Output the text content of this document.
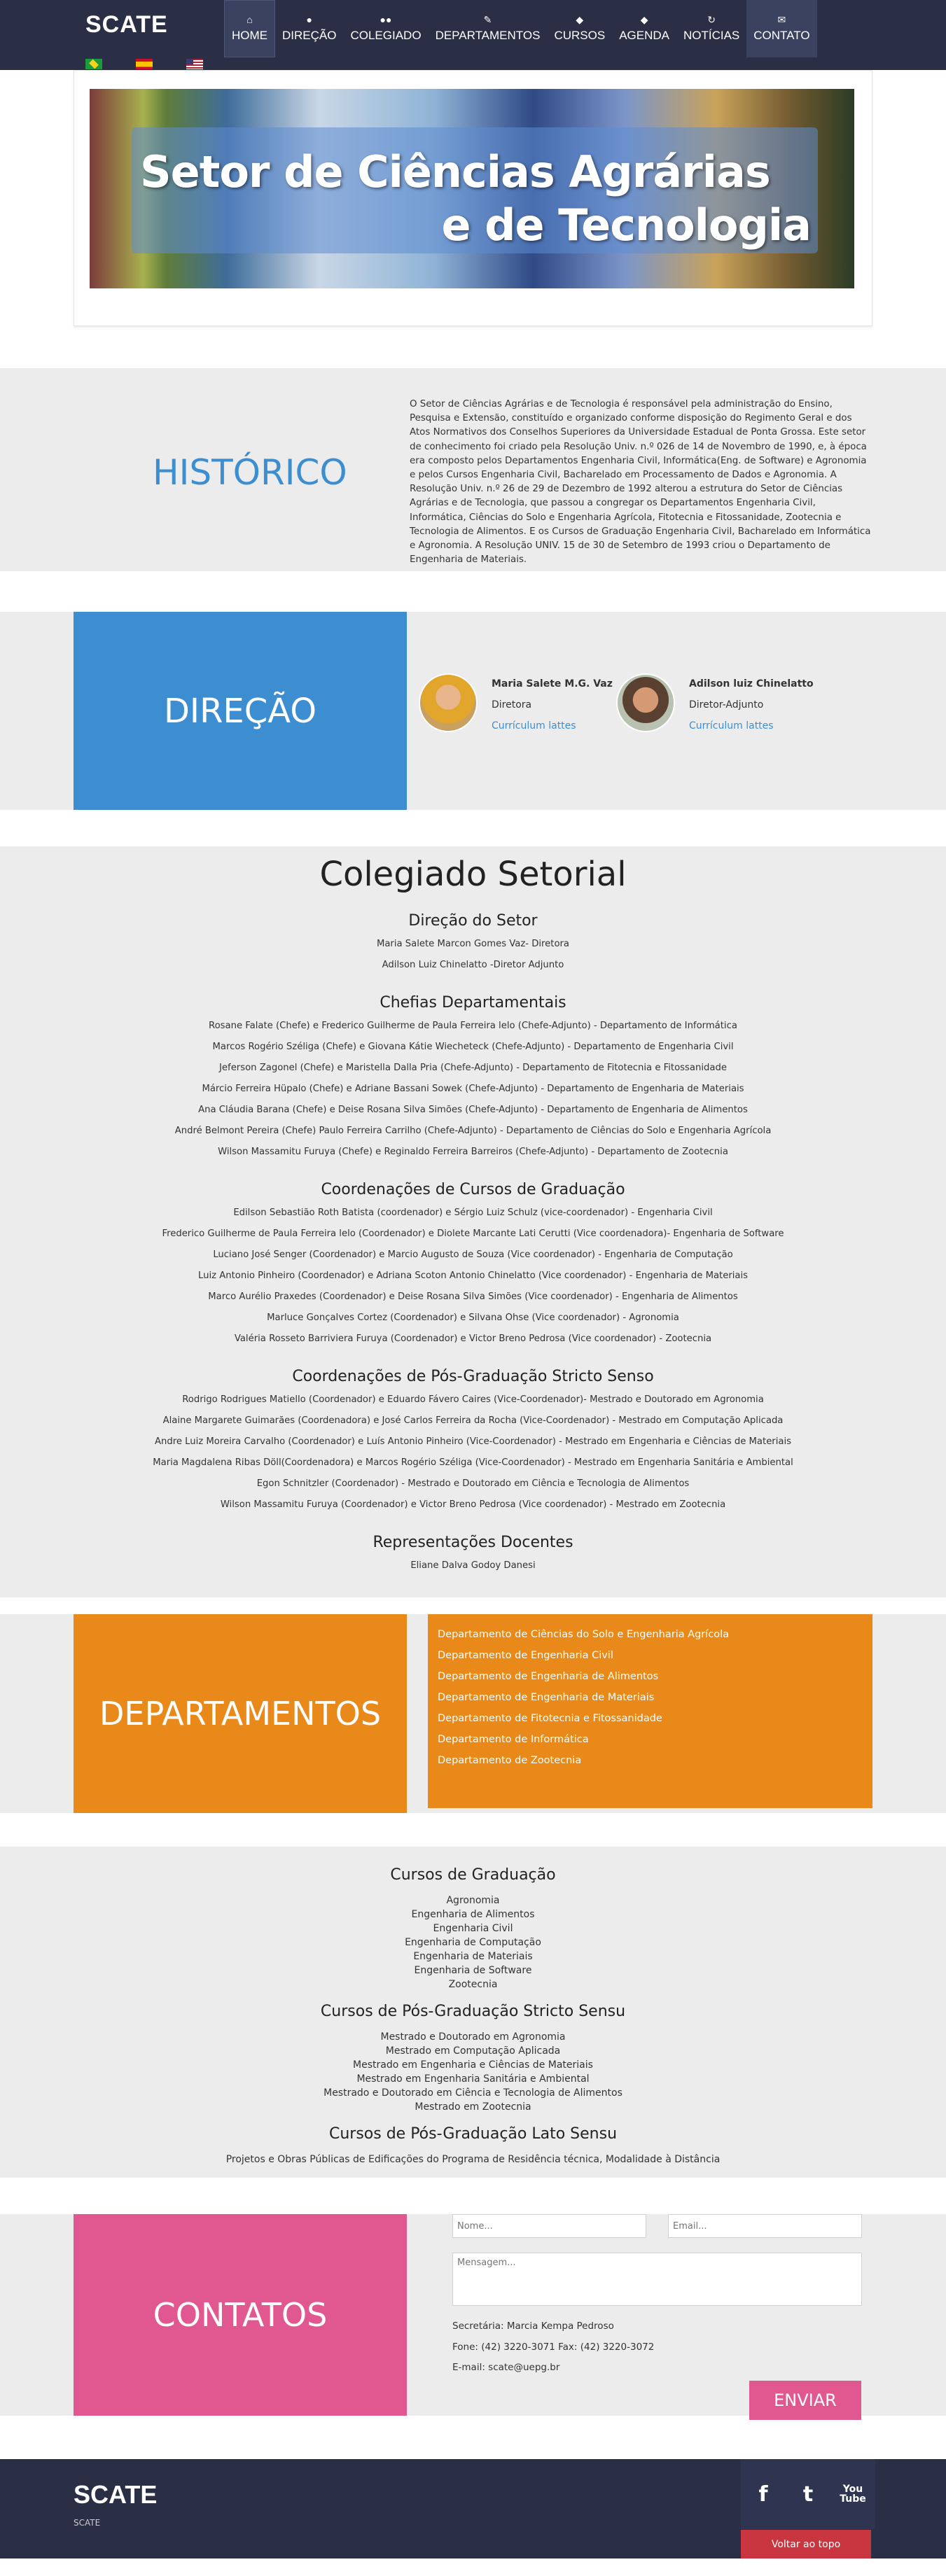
SCATE	⌂
HOME
●
DIREÇÃO
●●
COLEGIADO
✎
DEPARTAMENTOS
◆
CURSOS
◆
AGENDA
↻
NOTÍCIAS
✉
CONTATO
Setor de Ciências Agrárias
e de Tecnologia
HISTÓRICO

O Setor de Ciências Agrárias e de Tecnologia é responsável pela administração do Ensino, Pesquisa e Extensão, constituído e organizado conforme disposição do Regimento Geral e dos Atos Normativos dos Conselhos Superiores da Universidade Estadual de Ponta Grossa. Este setor de conhecimento foi criado pela Resolução Univ. n.º 026 de 14 de Novembro de 1990, e, à época era composto pelos Departamentos Engenharia Civil, Informática(Eng. de Software) e Agronomia e pelos Cursos Engenharia Civil, Bacharelado em Processamento de Dados e Agronomia. A Resolução Univ. n.º 26 de 29 de Dezembro de 1992 alterou a estrutura do Setor de Ciências Agrárias e de Tecnologia, que passou a congregar os Departamentos Engenharia Civil, Informática, Ciências do Solo e Engenharia Agrícola, Fitotecnia e Fitossanidade, Zootecnia e Tecnologia de Alimentos. E os Cursos de Graduação Engenharia Civil, Bacharelado em Informática e Agronomia. A Resolução UNIV. 15 de 30 de Setembro de 1993 criou o Departamento de Engenharia de Materiais.

DIREÇÃO
Maria Salete M.G. Vaz
Diretora
Currículum lattes
Adilson luiz Chinelatto
Diretor-Adjunto
Currículum lattes
Colegiado Setorial
Direção do Setor
Maria Salete Marcon Gomes Vaz- Diretora
Adilson Luiz Chinelatto -Diretor Adjunto
Chefias Departamentais
Rosane Falate (Chefe) e Frederico Guilherme de Paula Ferreira lelo (Chefe-Adjunto) - Departamento de Informática
Marcos Rogério Széliga (Chefe) e Giovana Kátie Wiecheteck (Chefe-Adjunto) - Departamento de Engenharia Civil
Jeferson Zagonel (Chefe) e Maristella Dalla Pria (Chefe-Adjunto) - Departamento de Fitotecnia e Fitossanidade
Márcio Ferreira Hüpalo (Chefe) e Adriane Bassani Sowek (Chefe-Adjunto) - Departamento de Engenharia de Materiais
Ana Cláudia Barana (Chefe) e Deise Rosana Silva Simões (Chefe-Adjunto) - Departamento de Engenharia de Alimentos
André Belmont Pereira (Chefe) Paulo Ferreira Carrilho (Chefe-Adjunto) - Departamento de Ciências do Solo e Engenharia Agrícola
Wilson Massamitu Furuya (Chefe) e Reginaldo Ferreira Barreiros (Chefe-Adjunto) - Departamento de Zootecnia
Coordenações de Cursos de Graduação
Edilson Sebastião Roth Batista (coordenador) e Sérgio Luiz Schulz (vice-coordenador) - Engenharia Civil
Frederico Guilherme de Paula Ferreira lelo (Coordenador) e Diolete Marcante Lati Cerutti (Vice coordenadora)- Engenharia de Software
Luciano José Senger (Coordenador) e Marcio Augusto de Souza (Vice coordenador) - Engenharia de Computação
Luiz Antonio Pinheiro (Coordenador) e Adriana Scoton Antonio Chinelatto (Vice coordenador) - Engenharia de Materiais
Marco Aurélio Praxedes (Coordenador) e Deise Rosana Silva Simões (Vice coordenador) - Engenharia de Alimentos
Marluce Gonçalves Cortez (Coordenador) e Silvana Ohse (Vice coordenador) - Agronomia
Valéria Rosseto Barriviera Furuya (Coordenador) e Victor Breno Pedrosa (Vice coordenador) - Zootecnia
Coordenações de Pós-Graduação Stricto Senso
Rodrigo Rodrigues Matiello (Coordenador) e Eduardo Fávero Caires (Vice-Coordenador)- Mestrado e Doutorado em Agronomia
Alaine Margarete Guimarães (Coordenadora) e José Carlos Ferreira da Rocha (Vice-Coordenador) - Mestrado em Computação Aplicada
Andre Luiz Moreira Carvalho (Coordenador) e Luís Antonio Pinheiro (Vice-Coordenador) - Mestrado em Engenharia e Ciências de Materiais
Maria Magdalena Ribas Döll(Coordenadora) e Marcos Rogério Széliga (Vice-Coordenador) - Mestrado em Engenharia Sanitária e Ambiental
Egon Schnitzler (Coordenador) - Mestrado e Doutorado em Ciência e Tecnologia de Alimentos
Wilson Massamitu Furuya (Coordenador) e Victor Breno Pedrosa (Vice coordenador) - Mestrado em Zootecnia
Representações Docentes
Eliane Dalva Godoy Danesi
DEPARTAMENTOS
Departamento de Ciências do Solo e Engenharia Agrícola
Departamento de Engenharia Civil
Departamento de Engenharia de Alimentos
Departamento de Engenharia de Materiais
Departamento de Fitotecnia e Fitossanidade
Departamento de Informática
Departamento de Zootecnia
Cursos de Graduação
Agronomia
Engenharia de Alimentos
Engenharia Civil
Engenharia de Computação
Engenharia de Materiais
Engenharia de Software
Zootecnia
Cursos de Pós-Graduação Stricto Sensu
Mestrado e Doutorado em Agronomia
Mestrado em Computação Aplicada
Mestrado em Engenharia e Ciências de Materiais
Mestrado em Engenharia Sanitária e Ambiental
Mestrado e Doutorado em Ciência e Tecnologia de Alimentos
Mestrado em Zootecnia
Cursos de Pós-Graduação Lato Sensu
Projetos e Obras Públicas de Edificações do Programa de Residência técnica, Modalidade à Distância
CONTATOS
Nome...
Email...
Mensagem...	Secretária: Marcia Kempa Pedroso
Fone: (42) 3220-3071 Fax: (42) 3220-3072
E-mail: scate@uepg.br
ENVIAR
SCATE
SCATE
f	t	You Tube
Voltar ao topo
